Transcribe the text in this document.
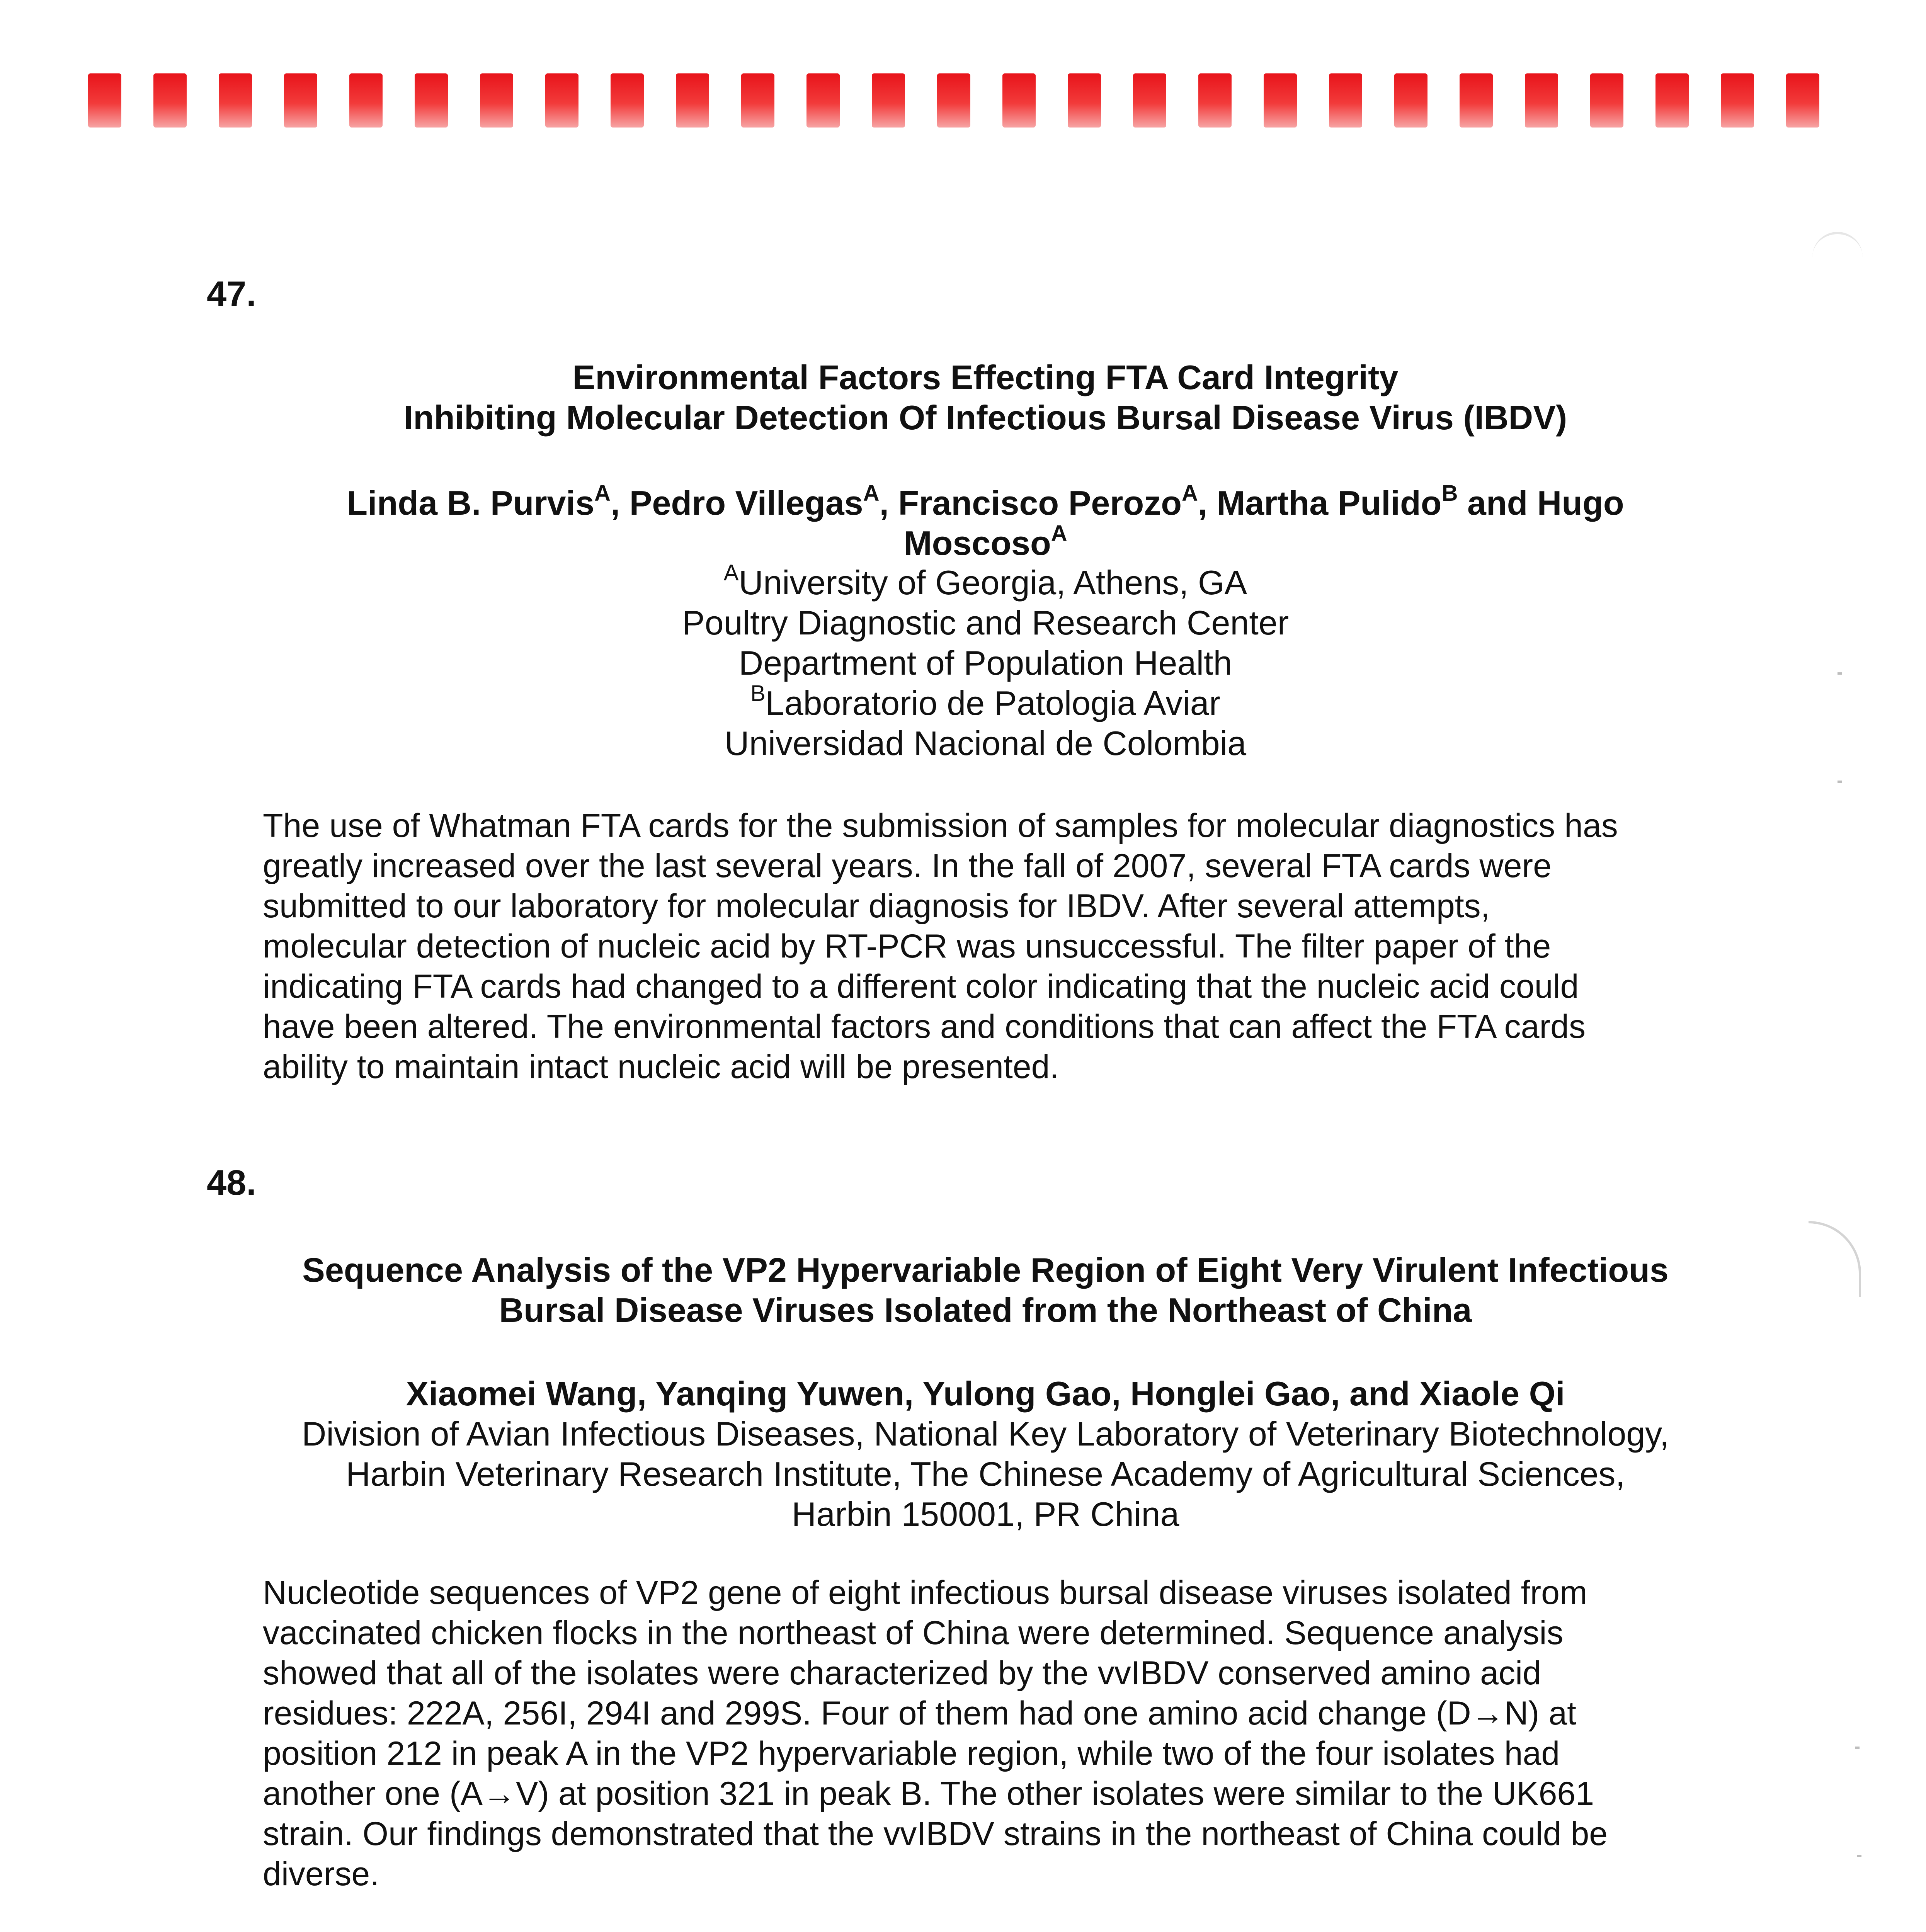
47.

Environmental Factors Effecting FTA Card Integrity

Inhibiting Molecular Detection Of Infectious Bursal Disease Virus (IBDV)

Linda B. Purvis$^A$, Pedro Villegas$^A$, Francisco Perozo$^A$, Martha Pulido$^B$ and Hugo

Moscoso$^A$

$^A$University of Georgia, Athens, GA

Poultry Diagnostic and Research Center

Department of Population Health

$^B$Laboratorio de Patologia Aviar

Universidad Nacional de Colombia

The use of Whatman FTA cards for the submission of samples for molecular diagnostics has
greatly increased over the last several years. In the fall of 2007, several FTA cards were
submitted to our laboratory for molecular diagnosis for IBDV. After several attempts,
molecular detection of nucleic acid by RT-PCR was unsuccessful. The filter paper of the
indicating FTA cards had changed to a different color indicating that the nucleic acid could
have been altered. The environmental factors and conditions that can affect the FTA cards
ability to maintain intact nucleic acid will be presented.
48.

Sequence Analysis of the VP2 Hypervariable Region of Eight Very Virulent Infectious

Bursal Disease Viruses Isolated from the Northeast of China

Xiaomei Wang, Yanqing Yuwen, Yulong Gao, Honglei Gao, and Xiaole Qi

Division of Avian Infectious Diseases, National Key Laboratory of Veterinary Biotechnology,

Harbin Veterinary Research Institute, The Chinese Academy of Agricultural Sciences,

Harbin 150001, PR China

Nucleotide sequences of VP2 gene of eight infectious bursal disease viruses isolated from
vaccinated chicken flocks in the northeast of China were determined. Sequence analysis
showed that all of the isolates were characterized by the vvIBDV conserved amino acid
residues: 222A, 256I, 294I and 299S. Four of them had one amino acid change (D→N) at
position 212 in peak A in the VP2 hypervariable region, while two of the four isolates had
another one (A→V) at position 321 in peak B. The other isolates were similar to the UK661
strain. Our findings demonstrated that the vvIBDV strains in the northeast of China could be
diverse.
